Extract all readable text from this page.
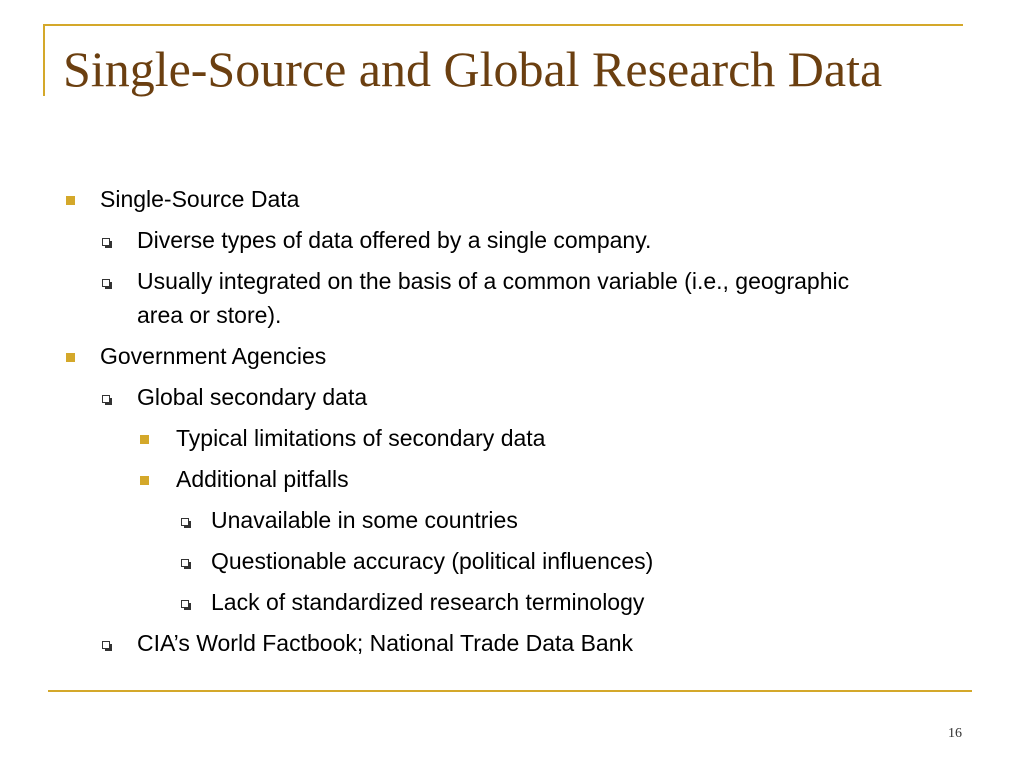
Single-Source and Global Research Data
Single-Source Data
Diverse types of data offered by a single company.
Usually integrated on the basis of a common variable (i.e., geographic area or store).
Government Agencies
Global secondary data
Typical limitations of secondary data
Additional pitfalls
Unavailable in some countries
Questionable accuracy (political influences)
Lack of standardized research terminology
CIA’s World Factbook; National Trade Data Bank
16
